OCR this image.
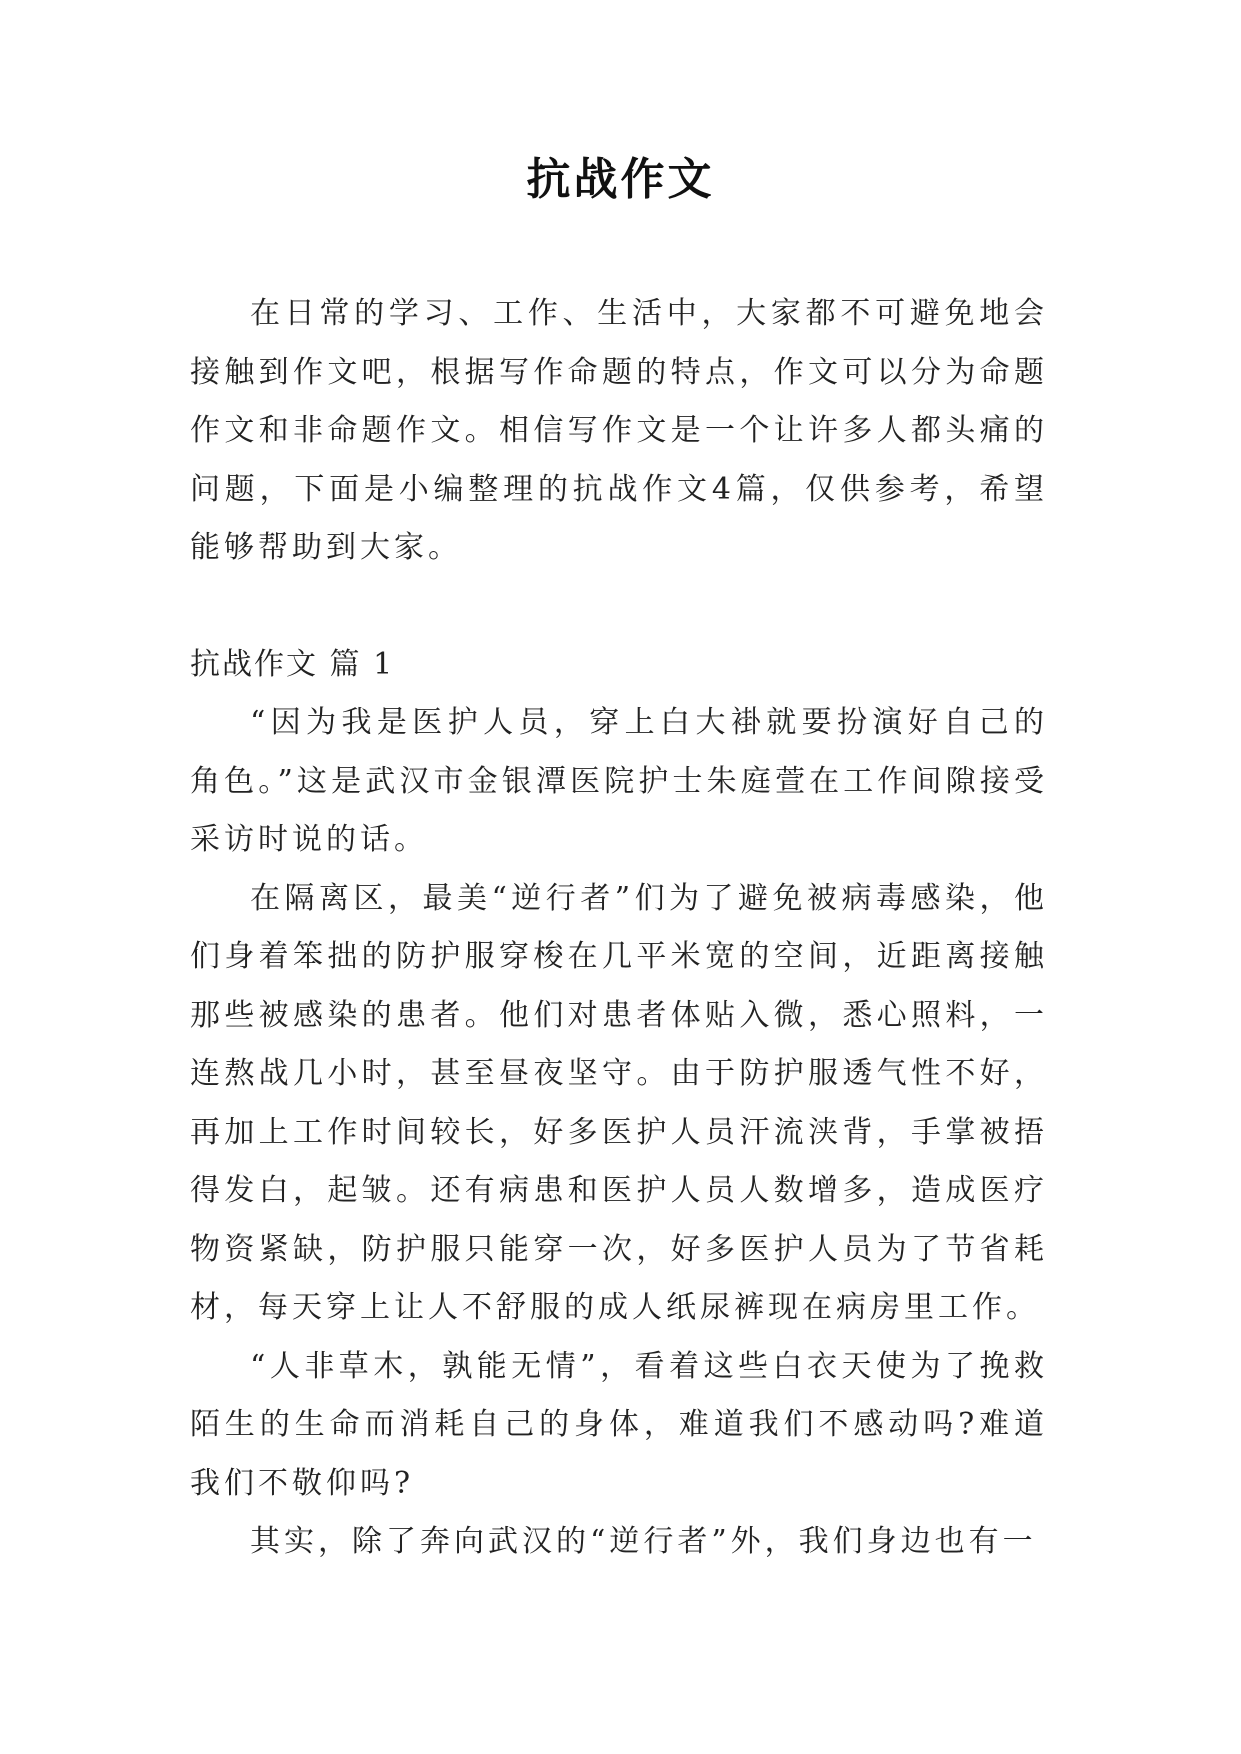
抗战作文

在日常的学习、工作、生活中，大家都不可避免地会接触到作文吧，根据写作命题的特点，作文可以分为命题作文和非命题作文。相信写作文是一个让许多人都头痛的问题，下面是小编整理的抗战作文4篇，仅供参考，希望能够帮助到大家。

抗战作文 篇 1

“因为我是医护人员，穿上白大褂就要扮演好自己的角色。”这是武汉市金银潭医院护士朱庭萱在工作间隙接受采访时说的话。

在隔离区，最美“逆行者”们为了避免被病毒感染，他们身着笨拙的防护服穿梭在几平米宽的空间，近距离接触那些被感染的患者。他们对患者体贴入微，悉心照料，一连熬战几小时，甚至昼夜坚守。由于防护服透气性不好，再加上工作时间较长，好多医护人员汗流浃背，手掌被捂得发白，起皱。还有病患和医护人员人数增多，造成医疗物资紧缺，防护服只能穿一次，好多医护人员为了节省耗材，每天穿上让人不舒服的成人纸尿裤现在病房里工作。

“人非草木，孰能无情”，看着这些白衣天使为了挽救陌生的生命而消耗自己的身体，难道我们不感动吗?难道我们不敬仰吗?

其实，除了奔向武汉的“逆行者”外，我们身边也有一
